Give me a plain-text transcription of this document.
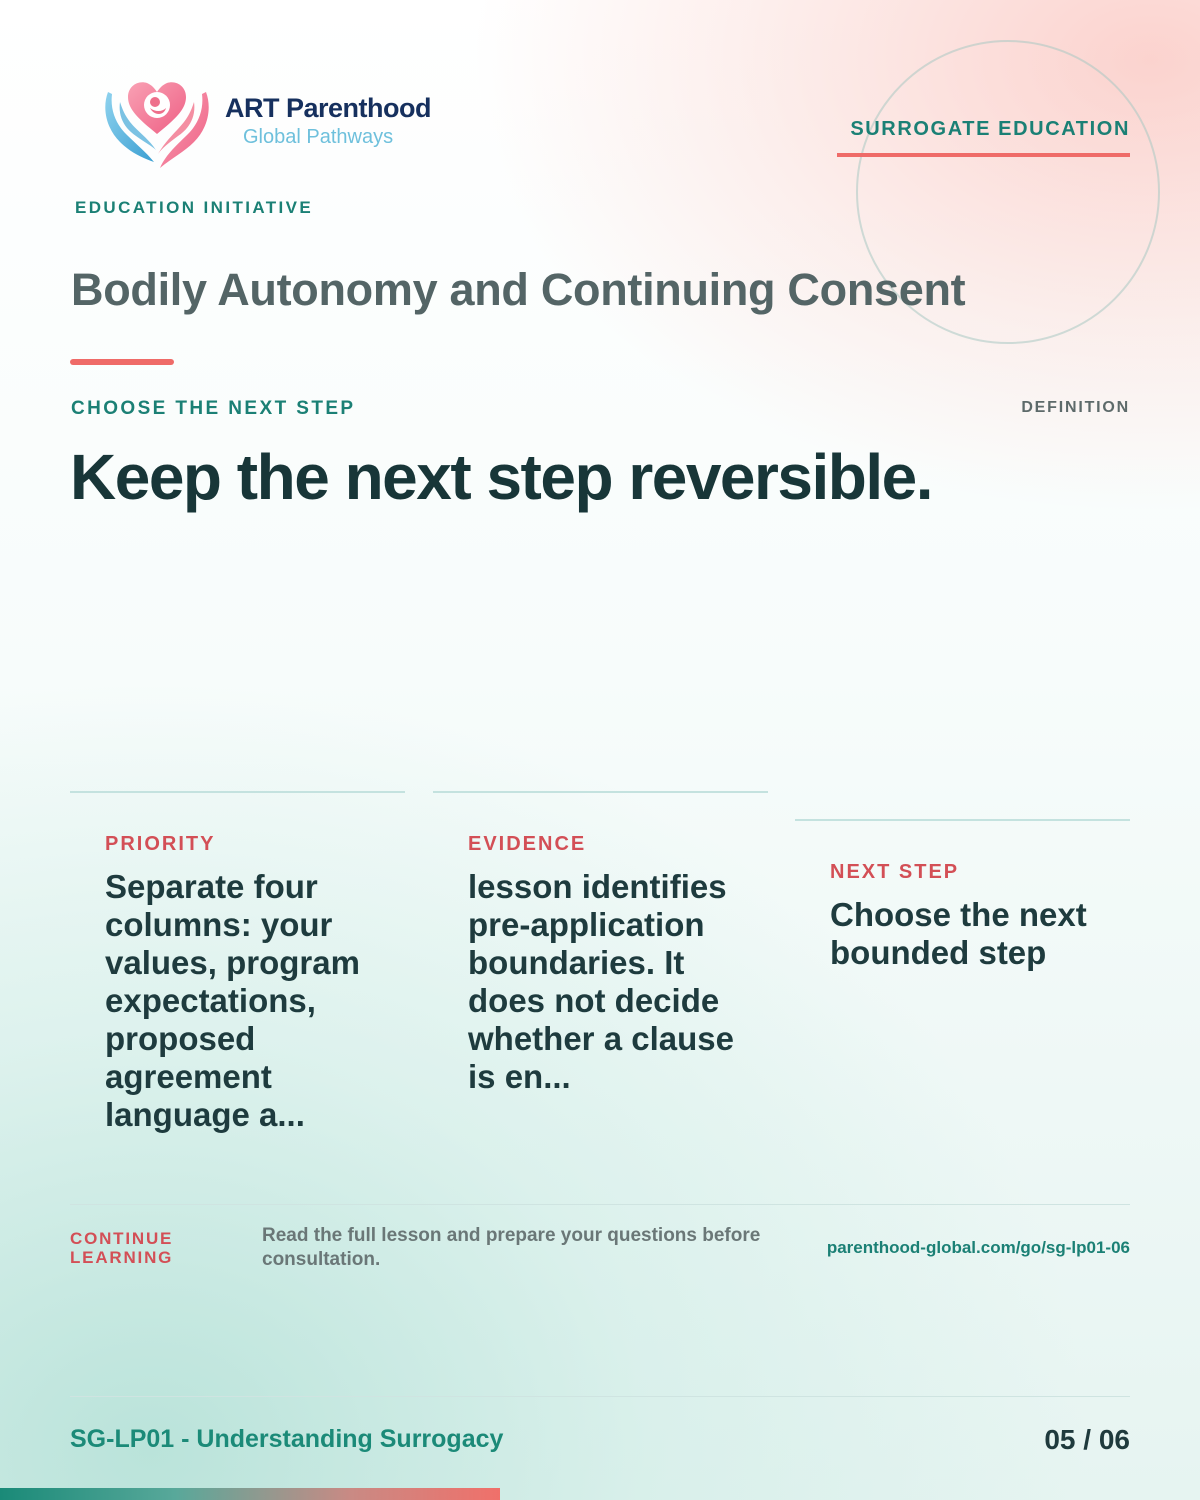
ART Parenthood
Global Pathways
EDUCATION INITIATIVE
SURROGATE EDUCATION
Bodily Autonomy and Continuing Consent
CHOOSE THE NEXT STEP	DEFINITION
Keep the next step reversible.
PRIORITY
Separate four columns: your values, program expectations, proposed agreement language a...
EVIDENCE
lesson identifies pre-application boundaries. It does not decide whether a clause is en...
NEXT STEP
Choose the next bounded step
CONTINUE LEARNING
Read the full lesson and prepare your questions before consultation.
parenthood-global.com/go/sg-lp01-06
SG-LP01 - Understanding Surrogacy	05 / 06
